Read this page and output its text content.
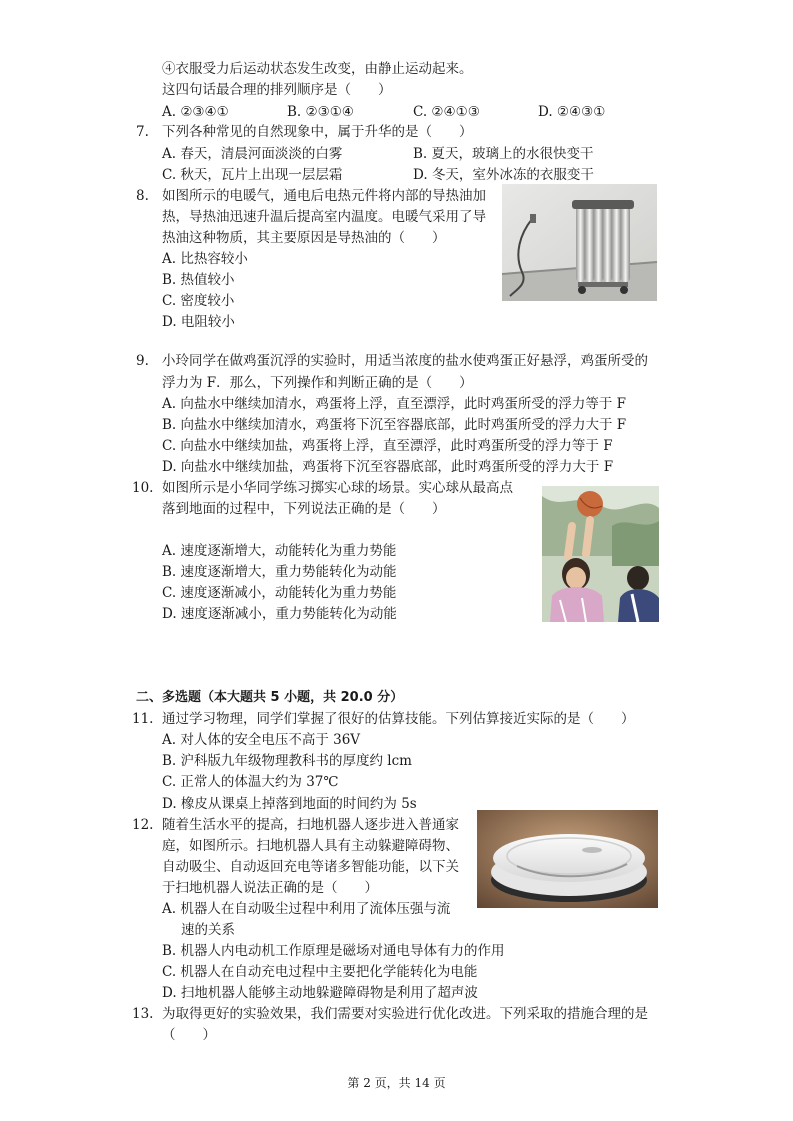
④衣服受力后运动状态发生改变，由静止运动起来。
这四句话最合理的排列顺序是（　　）
A. ②③④①	B. ②③①④	C. ②④①③	D. ②④③①
7. 下列各种常见的自然现象中，属于升华的是（　　）
A. 春天，清晨河面淡淡的白雾	B. 夏天，玻璃上的水很快变干
C. 秋天，瓦片上出现一层层霜	D. 冬天，室外冰冻的衣服变干
8. 如图所示的电暖气，通电后电热元件将内部的导热油加
热，导热油迅速升温后提高室内温度。电暖气采用了导
热油这种物质，其主要原因是导热油的（　　）
A. 比热容较小
B. 热值较小
C. 密度较小
D. 电阻较小
9. 小玲同学在做鸡蛋沉浮的实验时，用适当浓度的盐水使鸡蛋正好悬浮，鸡蛋所受的
浮力为 F．那么，下列操作和判断正确的是（　　）
A. 向盐水中继续加清水，鸡蛋将上浮，直至漂浮，此时鸡蛋所受的浮力等于 F
B. 向盐水中继续加清水，鸡蛋将下沉至容器底部，此时鸡蛋所受的浮力大于 F
C. 向盐水中继续加盐，鸡蛋将上浮，直至漂浮，此时鸡蛋所受的浮力等于 F
D. 向盐水中继续加盐，鸡蛋将下沉至容器底部，此时鸡蛋所受的浮力大于 F
10. 如图所示是小华同学练习掷实心球的场景。实心球从最高点
落到地面的过程中，下列说法正确的是（　　）
A. 速度逐渐增大，动能转化为重力势能
B. 速度逐渐增大，重力势能转化为动能
C. 速度逐渐减小，动能转化为重力势能
D. 速度逐渐减小，重力势能转化为动能
二、多选题（本大题共 5 小题，共 20.0 分）
11. 通过学习物理，同学们掌握了很好的估算技能。下列估算接近实际的是（　　）
A. 对人体的安全电压不高于 36V
B. 沪科版九年级物理教科书的厚度约 lcm
C. 正常人的体温大约为 37℃
D. 橡皮从课桌上掉落到地面的时间约为 5s
12. 随着生活水平的提高，扫地机器人逐步进入普通家
庭，如图所示。扫地机器人具有主动躲避障碍物、
自动吸尘、自动返回充电等诸多智能功能，以下关
于扫地机器人说法正确的是（　　）
A. 机器人在自动吸尘过程中利用了流体压强与流
速的关系
B. 机器人内电动机工作原理是磁场对通电导体有力的作用
C. 机器人在自动充电过程中主要把化学能转化为电能
D. 扫地机器人能够主动地躲避障碍物是利用了超声波
13. 为取得更好的实验效果，我们需要对实验进行优化改进。下列采取的措施合理的是
（　　）
第 2 页，共 14 页
